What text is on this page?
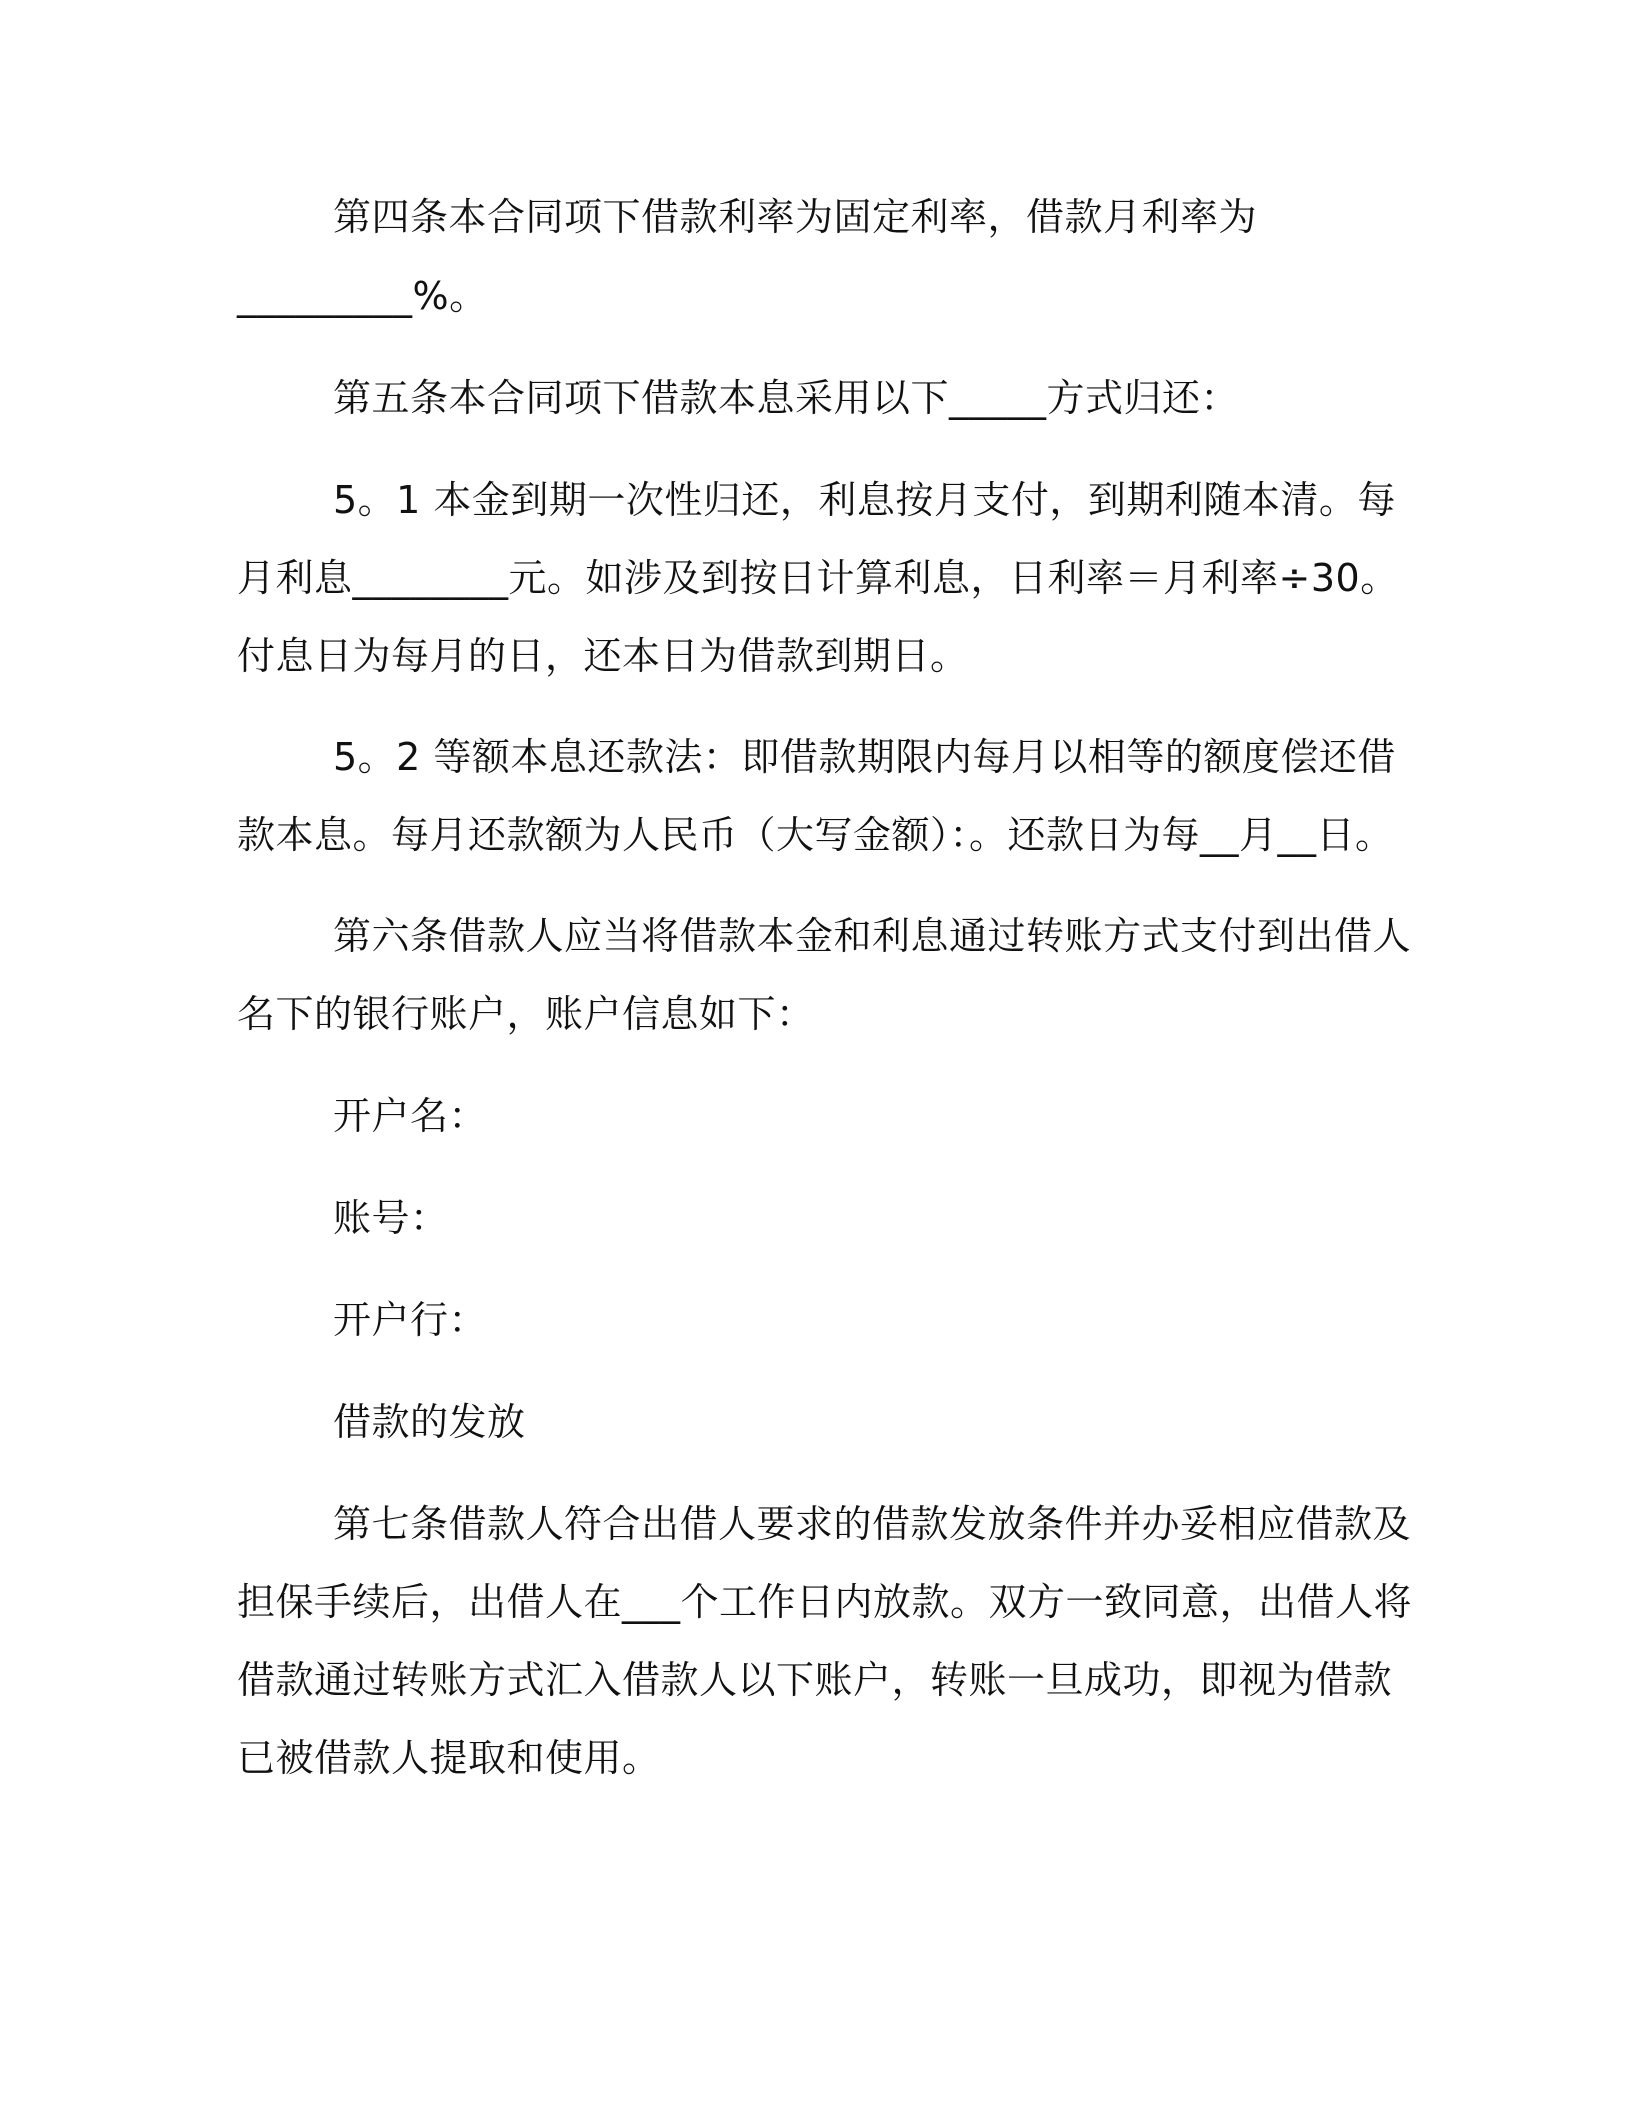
第四条本合同项下借款利率为固定利率，借款月利率为
_________%。
第五条本合同项下借款本息采用以下_____方式归还：
5。1 本金到期一次性归还，利息按月支付，到期利随本清。每
月利息________元。如涉及到按日计算利息，日利率＝月利率÷30。
付息日为每月的日，还本日为借款到期日。
5。2 等额本息还款法：即借款期限内每月以相等的额度偿还借
款本息。每月还款额为人民币（大写金额）：。还款日为每__月__日。
第六条借款人应当将借款本金和利息通过转账方式支付到出借人
名下的银行账户，账户信息如下：
开户名：
账号：
开户行：
借款的发放
第七条借款人符合出借人要求的借款发放条件并办妥相应借款及
担保手续后，出借人在___个工作日内放款。双方一致同意，出借人将
借款通过转账方式汇入借款人以下账户，转账一旦成功，即视为借款
已被借款人提取和使用。
